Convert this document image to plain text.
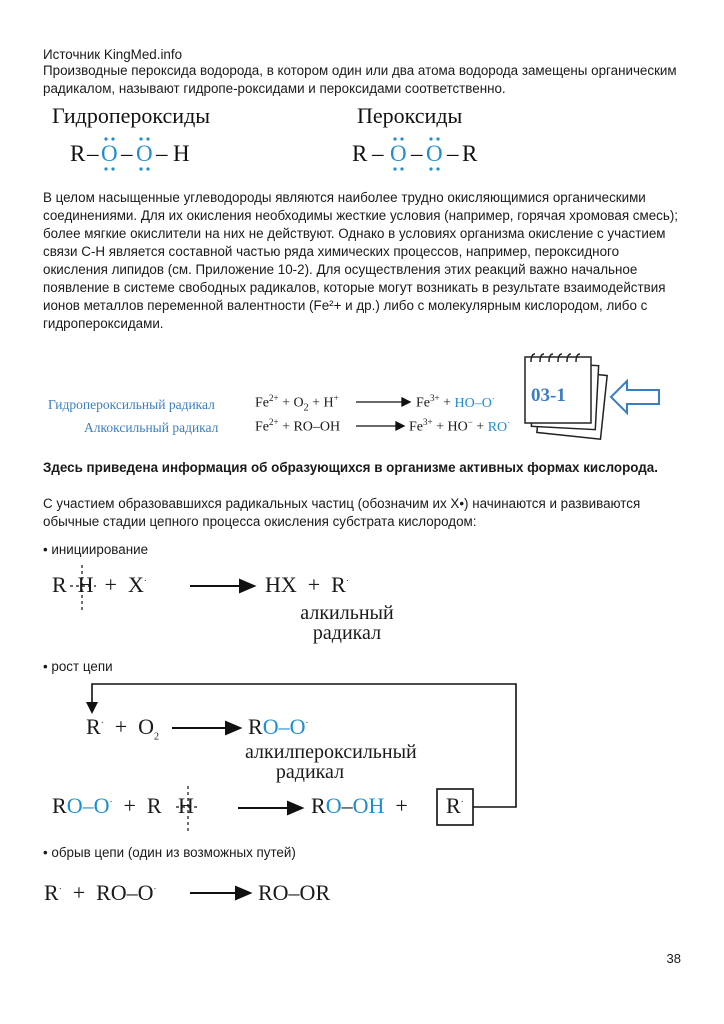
Источник KingMed.info
Производные пероксида водорода, в котором один или два атома водорода замещены органическим радикалом, называют гидропе-роксидами и пероксидами соответственно.
Гидропероксиды	Пероксиды
R – O – O – H	R – O – O – R
В целом насыщенные углеводороды являются наиболее трудно окисляющимися органическими соединениями. Для их окисления необходимы жесткие условия (например, горячая хромовая смесь); более мягкие окислители на них не действуют. Однако в условиях организма окисление с участием связи С-Н является составной частью ряда химических процессов, например, пероксидного окисления липидов (см. Приложение 10-2). Для осуществления этих реакций важно начальное появление в системе свободных радикалов, которые могут возникать в результате взаимодействия ионов металлов переменной валентности (Fe²+ и др.) либо с молекулярным кислородом, либо с гидропероксидами.
Гидропероксильный радикал
Алкоксильный радикал
$Fe^{2+} + O_2 + H^+$	$Fe^{3+} + HO-O^\cdot$
$Fe^{2+} + RO-OH$	$Fe^{3+} + HO^- + RO^\cdot$
03-1
Здесь приведена информация об образующихся в организме активных формах кислорода.
С участием образовавшихся радикальных частиц (обозначим их X•) начинаются и развиваются обычные стадии цепного процесса окисления субстрата кислородом:
• инициирование
R  H  +  X·	HX  +  R·
алкильный радикал
• рост цепи
$R^\cdot + O_2$	RO–O·
алкилпероксильный радикал
RO–O·  +  R   H	RO–OH  + R·
• обрыв цепи (один из возможных путей)
R·  +  RO–O·	RO–OR
38
